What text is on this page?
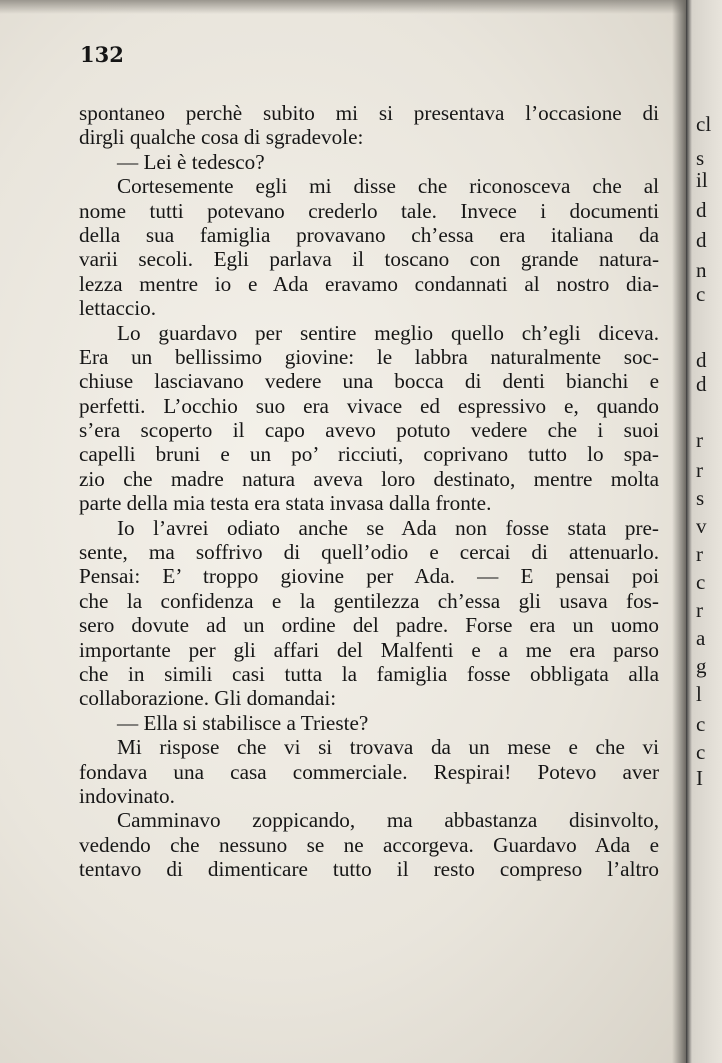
132

spontaneo perchè subito mi si presentava l’occasione di
dirgli qualche cosa di sgradevole:
— Lei è tedesco?
Cortesemente egli mi disse che riconosceva che al
nome tutti potevano crederlo tale. Invece i documenti
della sua famiglia provavano ch’essa era italiana da
varii secoli. Egli parlava il toscano con grande natura-
lezza mentre io e Ada eravamo condannati al nostro dia-
lettaccio.
Lo guardavo per sentire meglio quello ch’egli diceva.
Era un bellissimo giovine: le labbra naturalmente soc-
chiuse lasciavano vedere una bocca di denti bianchi e
perfetti. L’occhio suo era vivace ed espressivo e, quando
s’era scoperto il capo avevo potuto vedere che i suoi
capelli bruni e un po’ ricciuti, coprivano tutto lo spa-
zio che madre natura aveva loro destinato, mentre molta
parte della mia testa era stata invasa dalla fronte.
Io l’avrei odiato anche se Ada non fosse stata pre-
sente, ma soffrivo di quell’odio e cercai di attenuarlo.
Pensai: E’ troppo giovine per Ada. — E pensai poi
che la confidenza e la gentilezza ch’essa gli usava fos-
sero dovute ad un ordine del padre. Forse era un uomo
importante per gli affari del Malfenti e a me era parso
che in simili casi tutta la famiglia fosse obbligata alla
collaborazione. Gli domandai:
— Ella si stabilisce a Trieste?
Mi rispose che vi si trovava da un mese e che vi
fondava una casa commerciale. Respirai! Potevo aver
indovinato.
Camminavo zoppicando, ma abbastanza disinvolto,
vedendo che nessuno se ne accorgeva. Guardavo Ada e
tentavo di dimenticare tutto il resto compreso l’altro
cl
s
il
d
d
n
c
d
d
r
r
s
v
r
c
r
a
g
l
c
c
I
